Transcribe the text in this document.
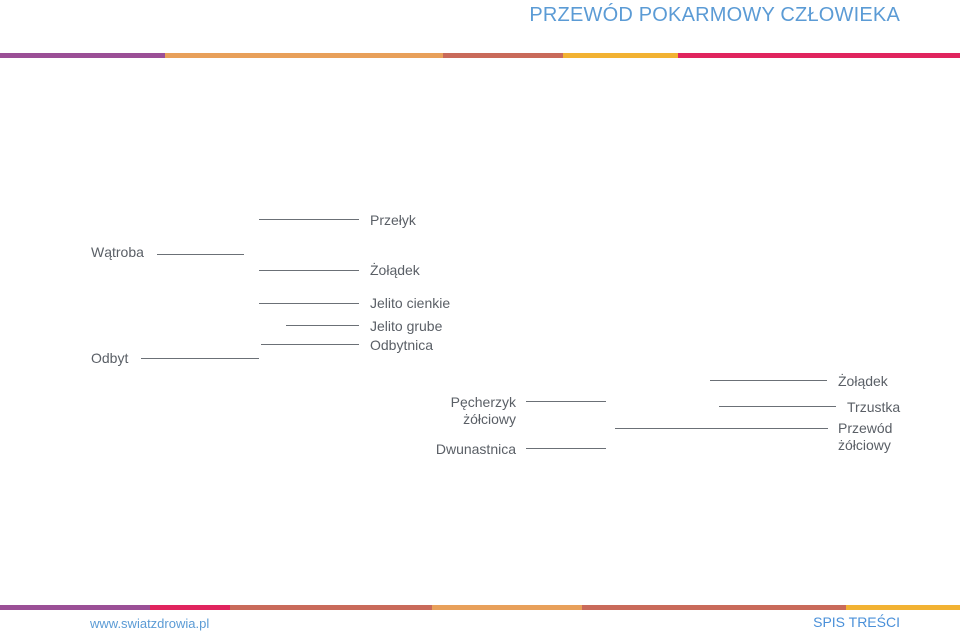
PRZEWÓD POKARMOWY CZŁOWIEKA
Przełyk
Wątroba
Żołądek
Jelito cienkie
Jelito grube
Odbytnica
Odbyt
Pęcherzyk
żółciowy
Dwunastnica
Żołądek
Trzustka
Przewód
żółciowy
www.swiatzdrowia.pl	SPIS TREŚCI
